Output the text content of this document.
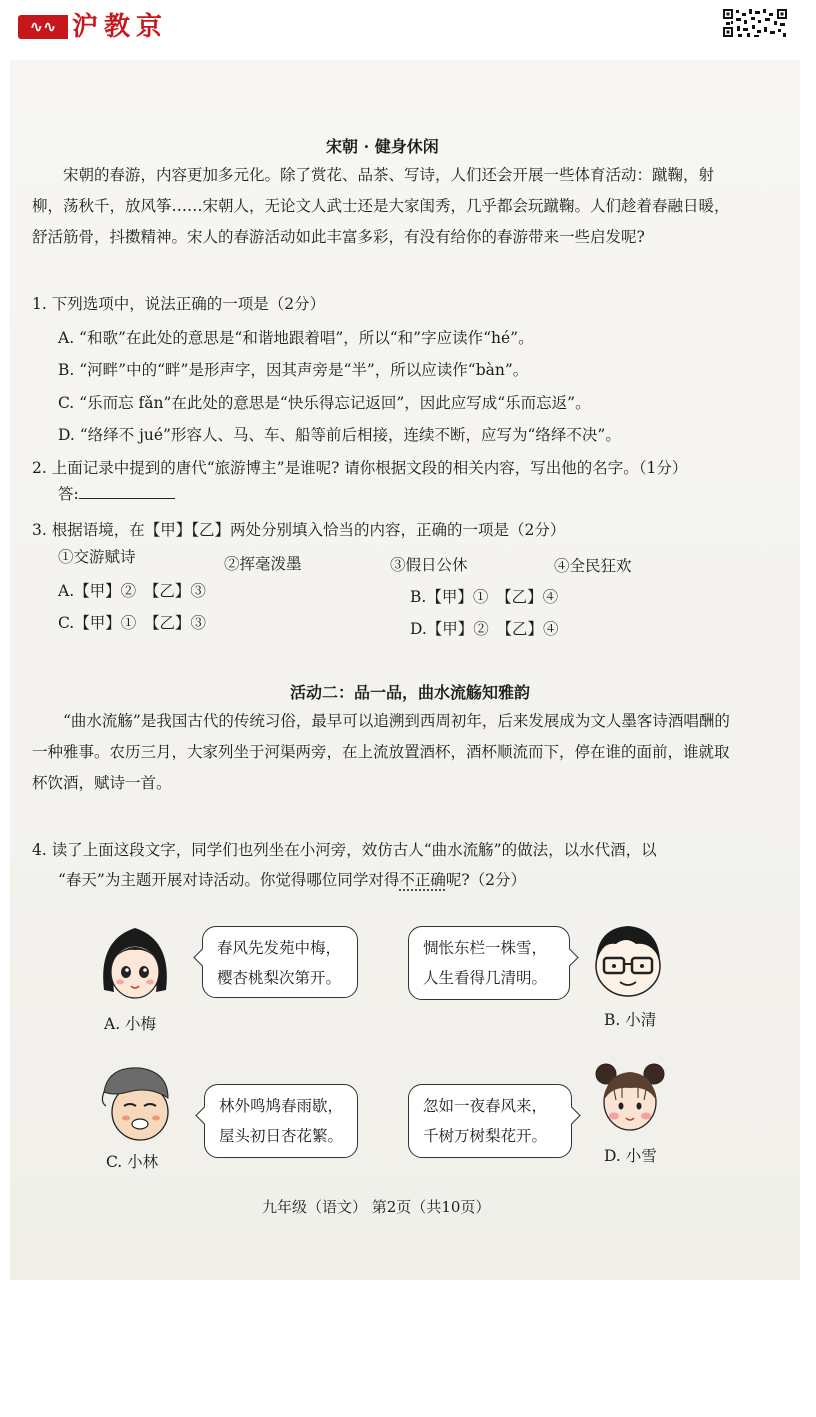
∿∿ 沪教京
宋朝 · 健身休闲
宋朝的春游，内容更加多元化。除了赏花、品茶、写诗，人们还会开展一些体育活动：蹴鞠，射柳，荡秋千，放风筝……宋朝人，无论文人武士还是大家闺秀，几乎都会玩蹴鞠。人们趁着春融日暖，舒活筋骨，抖擞精神。宋人的春游活动如此丰富多彩，有没有给你的春游带来一些启发呢?
1. 下列选项中，说法正确的一项是（2分）
A. “和歌”在此处的意思是“和谐地跟着唱”，所以“和”字应读作“hé”。
B. “河畔”中的“畔”是形声字，因其声旁是“半”，所以应读作“bàn”。
C. “乐而忘 fǎn”在此处的意思是“快乐得忘记返回”，因此应写成“乐而忘返”。
D. “络绎不 jué”形容人、马、车、船等前后相接，连续不断，应写为“络绎不决”。
2. 上面记录中提到的唐代“旅游博主”是谁呢? 请你根据文段的相关内容，写出他的名字。（1分）
答:
3. 根据语境，在【甲】【乙】两处分别填入恰当的内容，正确的一项是（2分）
①交游赋诗	②挥毫泼墨	③假日公休	④全民狂欢
A.【甲】②　【乙】③	B.【甲】①　【乙】④
C.【甲】①　【乙】③	D.【甲】②　【乙】④
活动二：品一品，曲水流觞知雅韵
“曲水流觞”是我国古代的传统习俗，最早可以追溯到西周初年，后来发展成为文人墨客诗酒唱酬的一种雅事。农历三月，大家列坐于河渠两旁，在上流放置酒杯，酒杯顺流而下，停在谁的面前，谁就取杯饮酒，赋诗一首。
4. 读了上面这段文字，同学们也列坐在小河旁，效仿古人“曲水流觞”的做法，以水代酒，以
“春天”为主题开展对诗活动。你觉得哪位同学对得不正确呢?（2分）
春风先发苑中梅，
樱杏桃梨次第开。
A. 小梅
惆怅东栏一株雪，
人生看得几清明。
B. 小清
林外鸣鸠春雨歇，
屋头初日杏花繁。
C. 小林
忽如一夜春风来，
千树万树梨花开。
D. 小雪
九年级（语文） 第2页（共10页）
